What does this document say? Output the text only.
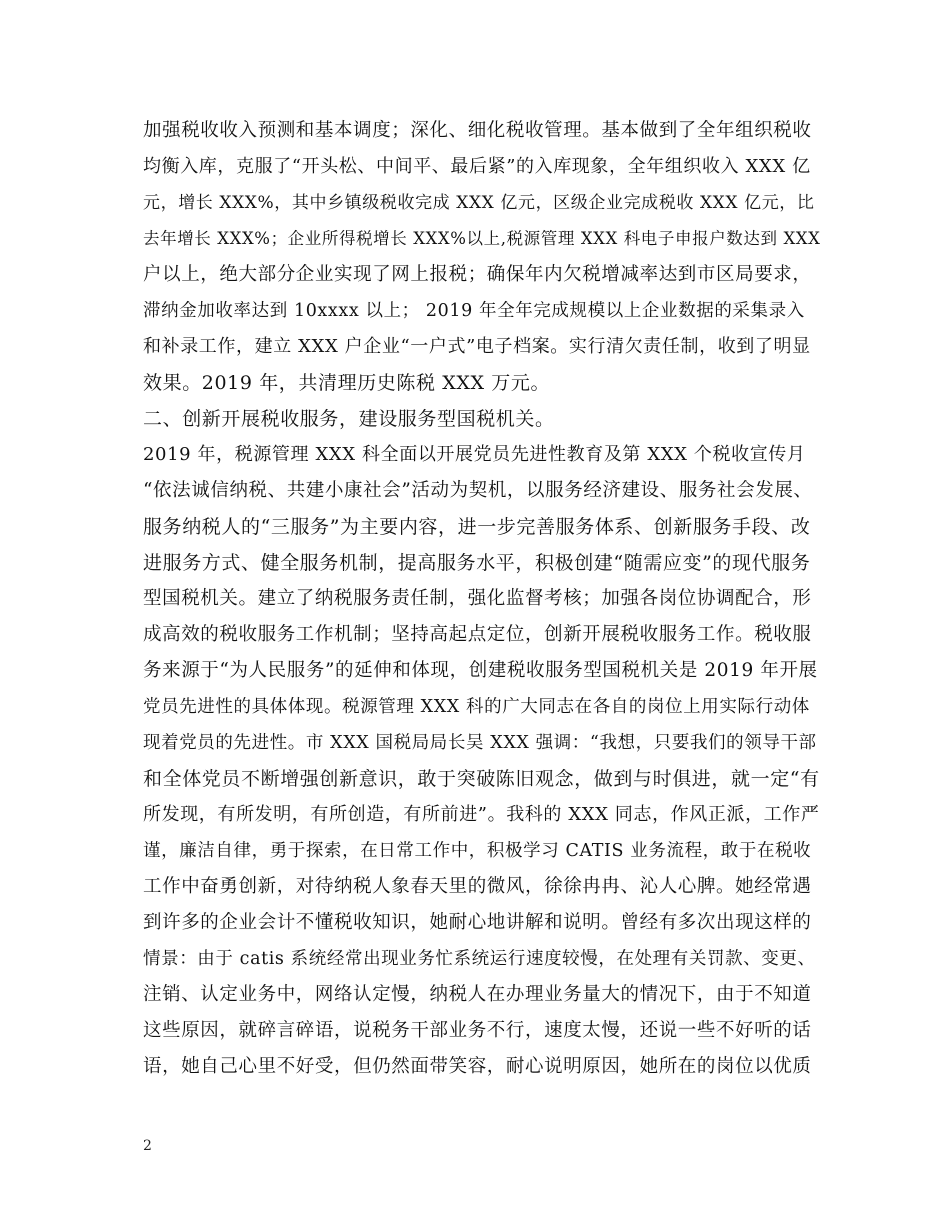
加强税收收入预测和基本调度；深化、细化税收管理。基本做到了全年组织税收
均衡入库，克服了“开头松、中间平、最后紧”的入库现象，全年组织收入 XXX 亿
元，增长 XXX%，其中乡镇级税收完成 XXX 亿元，区级企业完成税收 XXX 亿元，比
去年增长 XXX%；企业所得税增长 XXX%以上,税源管理 XXX 科电子申报户数达到 XXX
户以上，绝大部分企业实现了网上报税；确保年内欠税增减率达到市区局要求，
滞纳金加收率达到 10xxxx 以上； 2019 年全年完成规模以上企业数据的采集录入
和补录工作，建立 XXX 户企业“一户式”电子档案。实行清欠责任制，收到了明显
效果。2019 年，共清理历史陈税 XXX 万元。
二、创新开展税收服务，建设服务型国税机关。
2019 年，税源管理 XXX 科全面以开展党员先进性教育及第 XXX 个税收宣传月
“依法诚信纳税、共建小康社会”活动为契机，以服务经济建设、服务社会发展、
服务纳税人的“三服务”为主要内容，进一步完善服务体系、创新服务手段、改
进服务方式、健全服务机制，提高服务水平，积极创建“随需应变”的现代服务
型国税机关。建立了纳税服务责任制，强化监督考核；加强各岗位协调配合，形
成高效的税收服务工作机制；坚持高起点定位，创新开展税收服务工作。税收服
务来源于“为人民服务”的延伸和体现，创建税收服务型国税机关是 2019 年开展
党员先进性的具体体现。税源管理 XXX 科的广大同志在各自的岗位上用实际行动体
现着党员的先进性。市 XXX 国税局局长吴 XXX 强调：“我想，只要我们的领导干部
和全体党员不断增强创新意识，敢于突破陈旧观念，做到与时俱进，就一定“有
所发现，有所发明，有所创造，有所前进”。我科的 XXX 同志，作风正派，工作严
谨，廉洁自律，勇于探索，在日常工作中，积极学习 CATIS 业务流程，敢于在税收
工作中奋勇创新，对待纳税人象春天里的微风，徐徐冉冉、沁人心脾。她经常遇
到许多的企业会计不懂税收知识，她耐心地讲解和说明。曾经有多次出现这样的
情景：由于 catis 系统经常出现业务忙系统运行速度较慢，在处理有关罚款、变更、
注销、认定业务中，网络认定慢，纳税人在办理业务量大的情况下，由于不知道
这些原因，就碎言碎语，说税务干部业务不行，速度太慢，还说一些不好听的话
语，她自己心里不好受，但仍然面带笑容，耐心说明原因，她所在的岗位以优质
2
